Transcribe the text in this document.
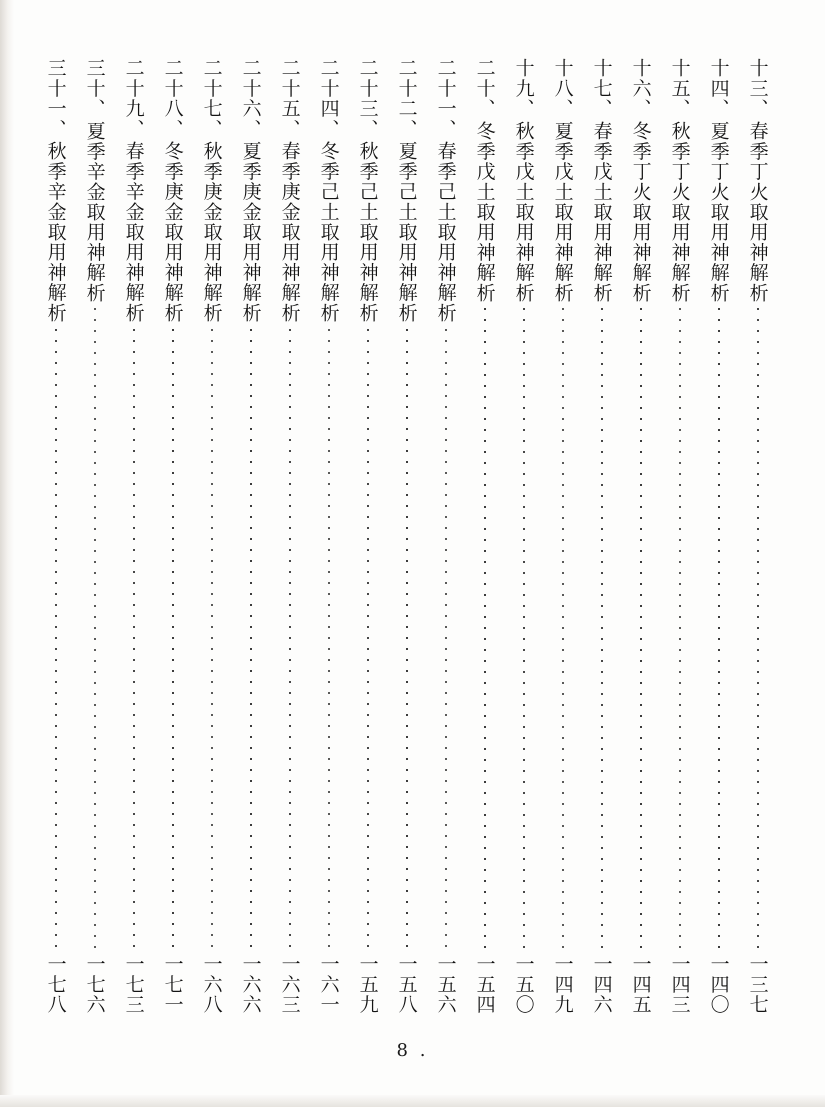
十三、
春季丁火取用神解析
一三七
十四、
夏季丁火取用神解析
一四〇
十五、
秋季丁火取用神解析
一四三
十六、
冬季丁火取用神解析
一四五
十七、
春季戊土取用神解析
一四六
十八、
夏季戊土取用神解析
一四九
十九、
秋季戊土取用神解析
一五〇
二十、
冬季戊土取用神解析
一五四
二十一、
春季己土取用神解析
一五六
二十二、
夏季己土取用神解析
一五八
二十三、
秋季己土取用神解析
一五九
二十四、
冬季己土取用神解析
一六一
二十五、
春季庚金取用神解析
一六三
二十六、
夏季庚金取用神解析
一六六
二十七、
秋季庚金取用神解析
一六八
二十八、
冬季庚金取用神解析
一七一
二十九、
春季辛金取用神解析
一七三
三十、
夏季辛金取用神解析
一七六
三十一、
秋季辛金取用神解析
一七八
8 .
